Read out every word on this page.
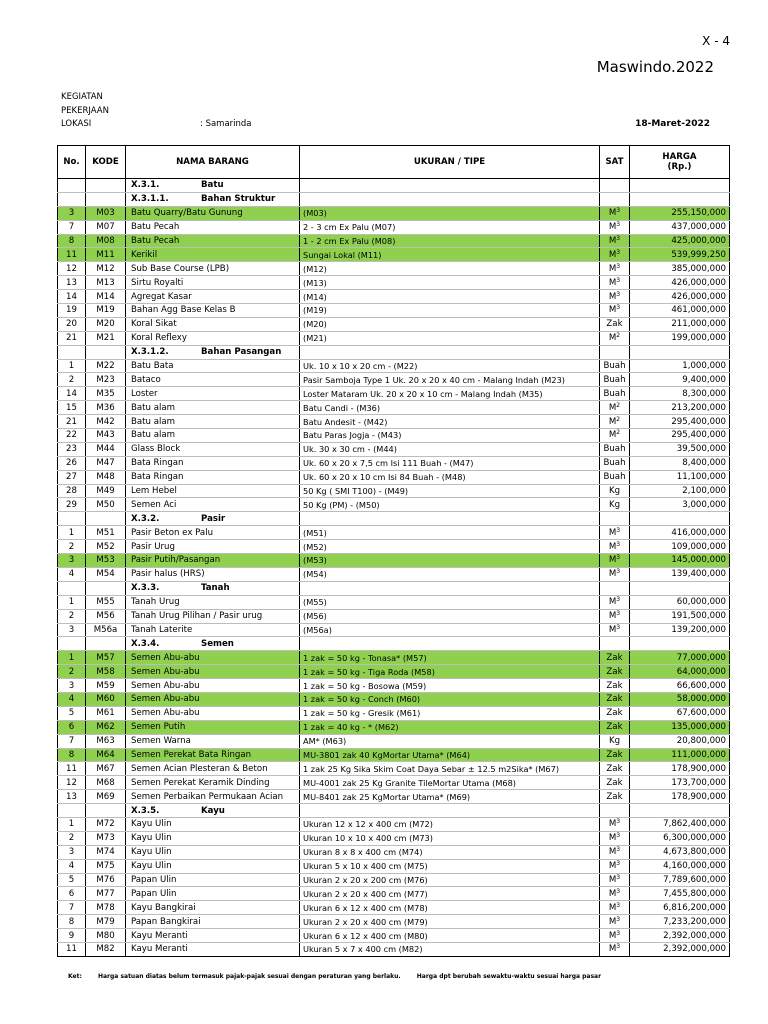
X - 4
Maswindo.2022
KEGIATAN
PEKERJAAN
LOKASI	: Samarinda	18-Maret-2022
No.	KODE	NAMA BARANG	UKURAN / TIPE	SAT	HARGA
(Rp.)
		X.3.1. Batu			
		X.3.1.1. Bahan Struktur			
3	M03	Batu Quarry/Batu Gunung	(M03)	$M^3$	255,150,000
7	M07	Batu Pecah	2 - 3 cm Ex Palu (M07)	$M^3$	437,000,000
8	M08	Batu Pecah	1 - 2 cm Ex Palu (M08)	$M^3$	425,000,000
11	M11	Kerikil	Sungai Lokal (M11)	$M^3$	539,999,250
12	M12	Sub Base Course (LPB)	(M12)	$M^3$	385,000,000
13	M13	Sirtu Royalti	(M13)	$M^3$	426,000,000
14	M14	Agregat Kasar	(M14)	$M^3$	426,000,000
19	M19	Bahan Agg Base Kelas B	(M19)	$M^3$	461,000,000
20	M20	Koral Sikat	(M20)	Zak	211,000,000
21	M21	Koral Reflexy	(M21)	$M^2$	199,000,000
		X.3.1.2. Bahan Pasangan			
1	M22	Batu Bata	Uk. 10 x 10 x 20 cm - (M22)	Buah	1,000,000
2	M23	Bataco	Pasir Samboja Type 1 Uk. 20 x 20 x 40 cm - Malang Indah (M23)	Buah	9,400,000
14	M35	Loster	Loster Mataram Uk. 20 x 20 x 10 cm - Malang Indah (M35)	Buah	8,300,000
15	M36	Batu alam	Batu Candi - (M36)	$M^2$	213,200,000
21	M42	Batu alam	Batu Andesit - (M42)	$M^2$	295,400,000
22	M43	Batu alam	Batu Paras Jogja - (M43)	$M^2$	295,400,000
23	M44	Glass Block	Uk. 30 x 30 cm - (M44)	Buah	39,500,000
26	M47	Bata Ringan	Uk. 60 x 20 x 7,5 cm Isi 111 Buah - (M47)	Buah	8,400,000
27	M48	Bata Ringan	Uk. 60 x 20 x 10 cm Isi 84 Buah - (M48)	Buah	11,100,000
28	M49	Lem Hebel	50 Kg ( SMI T100) - (M49)	Kg	2,100,000
29	M50	Semen Aci	50 Kg (PM) - (M50)	Kg	3,000,000
		X.3.2. Pasir			
1	M51	Pasir Beton ex Palu	(M51)	$M^3$	416,000,000
2	M52	Pasir Urug	(M52)	$M^3$	109,000,000
3	M53	Pasir Putih/Pasangan	(M53)	$M^3$	145,000,000
4	M54	Pasir halus (HRS)	(M54)	$M^3$	139,400,000
		X.3.3. Tanah			
1	M55	Tanah Urug	(M55)	$M^3$	60,000,000
2	M56	Tanah Urug Pilihan / Pasir urug	(M56)	$M^3$	191,500,000
3	M56a	Tanah Laterite	(M56a)	$M^3$	139,200,000
		X.3.4. Semen			
1	M57	Semen Abu-abu	1 zak = 50 kg - Tonasa* (M57)	Zak	77,000,000
2	M58	Semen Abu-abu	1 zak = 50 kg - Tiga Roda (M58)	Zak	64,000,000
3	M59	Semen Abu-abu	1 zak = 50 kg - Bosowa (M59)	Zak	66,600,000
4	M60	Semen Abu-abu	1 zak = 50 kg - Conch (M60)	Zak	58,000,000
5	M61	Semen Abu-abu	1 zak = 50 kg - Gresik (M61)	Zak	67,600,000
6	M62	Semen Putih	1 zak = 40 kg - * (M62)	Zak	135,000,000
7	M63	Semen Warna	AM* (M63)	Kg	20,800,000
8	M64	Semen Perekat Bata Ringan	MU-3801 zak 40 KgMortar Utama* (M64)	Zak	111,000,000
11	M67	Semen Acian Plesteran & Beton	1 zak 25 Kg Sika Skim Coat Daya Sebar ± 12.5 m2Sika* (M67)	Zak	178,900,000
12	M68	Semen Perekat Keramik Dinding	MU-4001 zak 25 Kg Granite TileMortar Utama (M68)	Zak	173,700,000
13	M69	Semen Perbaikan Permukaan Acian	MU-8401 zak 25 KgMortar Utama* (M69)	Zak	178,900,000
		X.3.5. Kayu			
1	M72	Kayu Ulin	Ukuran 12 x 12 x 400 cm (M72)	$M^3$	7,862,400,000
2	M73	Kayu Ulin	Ukuran 10 x 10 x 400 cm (M73)	$M^3$	6,300,000,000
3	M74	Kayu Ulin	Ukuran 8 x 8 x 400 cm (M74)	$M^3$	4,673,800,000
4	M75	Kayu Ulin	Ukuran 5 x 10 x 400 cm (M75)	$M^3$	4,160,000,000
5	M76	Papan Ulin	Ukuran 2 x 20 x 200 cm (M76)	$M^3$	7,789,600,000
6	M77	Papan Ulin	Ukuran 2 x 20 x 400 cm (M77)	$M^3$	7,455,800,000
7	M78	Kayu Bangkirai	Ukuran 6 x 12 x 400 cm (M78)	$M^3$	6,816,200,000
8	M79	Papan Bangkirai	Ukuran 2 x 20 x 400 cm (M79)	$M^3$	7,233,200,000
9	M80	Kayu Meranti	Ukuran 6 x 12 x 400 cm (M80)	$M^3$	2,392,000,000
11	M82	Kayu Meranti	Ukuran 5 x 7 x 400 cm (M82)	$M^3$	2,392,000,000
Ket:	Harga satuan diatas belum termasuk pajak-pajak sesuai dengan peraturan yang berlaku.	Harga dpt berubah sewaktu-waktu sesuai harga pasar
